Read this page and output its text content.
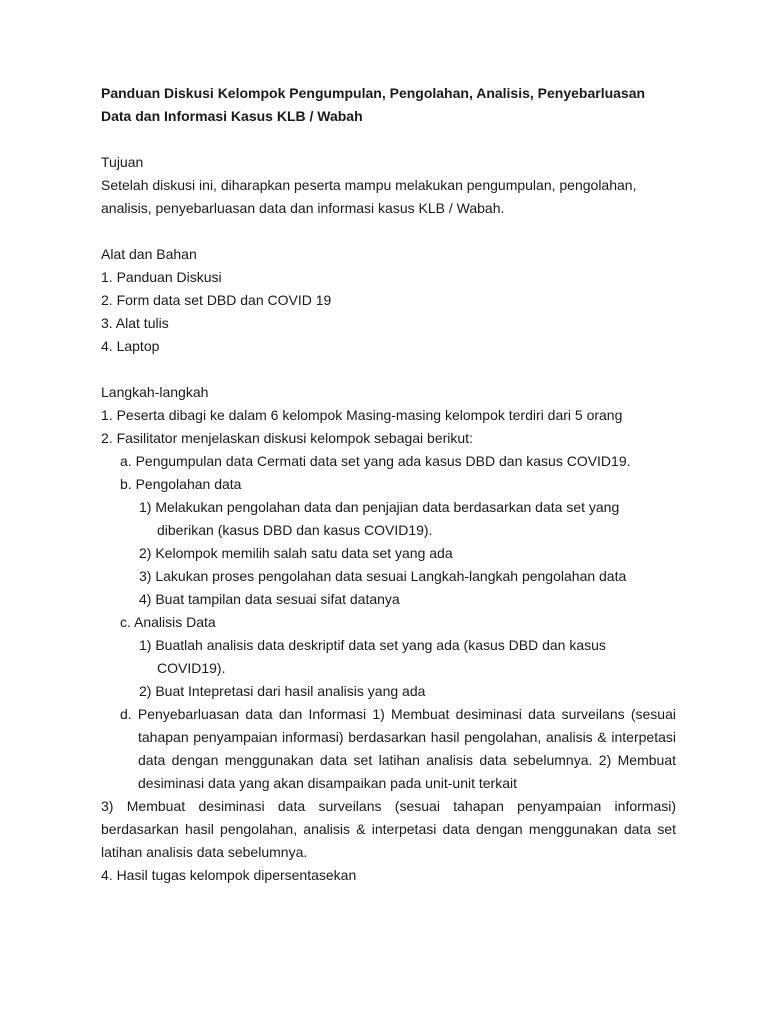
Panduan Diskusi Kelompok Pengumpulan, Pengolahan, Analisis, Penyebarluasan Data dan Informasi Kasus KLB / Wabah

Tujuan

Setelah diskusi ini, diharapkan peserta mampu melakukan pengumpulan, pengolahan, analisis, penyebarluasan data dan informasi kasus KLB / Wabah.

Alat dan Bahan

1. Panduan Diskusi

2. Form data set DBD dan COVID 19

3. Alat tulis

4. Laptop

Langkah-langkah

1. Peserta dibagi ke dalam 6 kelompok Masing-masing kelompok terdiri dari 5 orang

2. Fasilitator menjelaskan diskusi kelompok sebagai berikut:

a. Pengumpulan data Cermati data set yang ada kasus DBD dan kasus COVID19.

b. Pengolahan data

1) Melakukan pengolahan data dan penjajian data berdasarkan data set yang diberikan (kasus DBD dan kasus COVID19).

2) Kelompok memilih salah satu data set yang ada

3) Lakukan proses pengolahan data sesuai Langkah-langkah pengolahan data

4) Buat tampilan data sesuai sifat datanya

c. Analisis Data

1) Buatlah analisis data deskriptif data set yang ada (kasus DBD dan kasus COVID19).

2) Buat Intepretasi dari hasil analisis yang ada

d. Penyebarluasan data dan Informasi 1) Membuat desiminasi data surveilans (sesuai tahapan penyampaian informasi) berdasarkan hasil pengolahan, analisis & interpetasi data dengan menggunakan data set latihan analisis data sebelumnya. 2) Membuat desiminasi data yang akan disampaikan pada unit-unit terkait

3) Membuat desiminasi data surveilans (sesuai tahapan penyampaian informasi) berdasarkan hasil pengolahan, analisis & interpetasi data dengan menggunakan data set latihan analisis data sebelumnya.

4. Hasil tugas kelompok dipersentasekan
